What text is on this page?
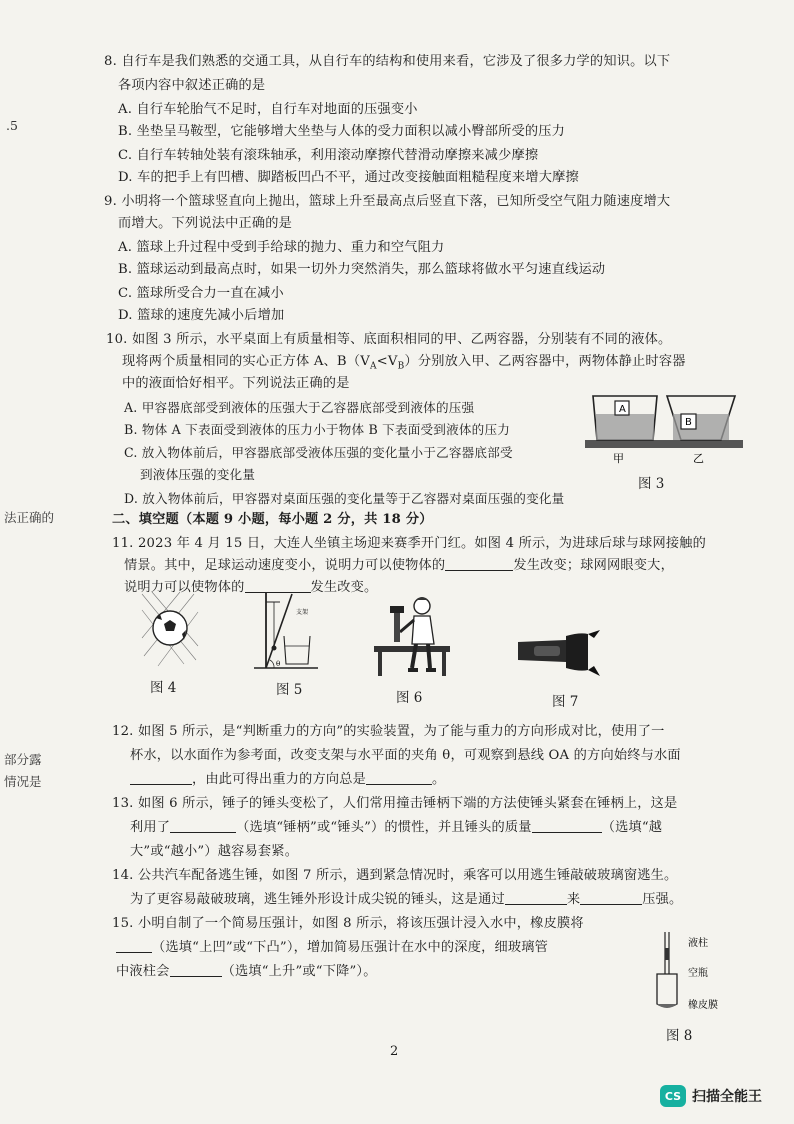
.5
法正确的
部分露
情况是
8. 自行车是我们熟悉的交通工具，从自行车的结构和使用来看，它涉及了很多力学的知识。以下
各项内容中叙述正确的是
A. 自行车轮胎气不足时，自行车对地面的压强变小
B. 坐垫呈马鞍型，它能够增大坐垫与人体的受力面积以减小臀部所受的压力
C. 自行车转轴处装有滚珠轴承，利用滚动摩擦代替滑动摩擦来减少摩擦
D. 车的把手上有凹槽、脚踏板凹凸不平，通过改变接触面粗糙程度来增大摩擦
9. 小明将一个篮球竖直向上抛出，篮球上升至最高点后竖直下落，已知所受空气阻力随速度增大
而增大。下列说法中正确的是
A. 篮球上升过程中受到手给球的抛力、重力和空气阻力
B. 篮球运动到最高点时，如果一切外力突然消失，那么篮球将做水平匀速直线运动
C. 篮球所受合力一直在减小
D. 篮球的速度先减小后增加
10. 如图 3 所示，水平桌面上有质量相等、底面积相同的甲、乙两容器，分别装有不同的液体。
现将两个质量相同的实心正方体 A、$B(V_A<V_B)$分别放入甲、乙两容器中，两物体静止时容器
中的液面恰好相平。下列说法正确的是
A. 甲容器底部受到液体的压强大于乙容器底部受到液体的压强
B. 物体 A 下表面受到液体的压力小于物体 B 下表面受到液体的压力
C. 放入物体前后，甲容器底部受液体压强的变化量小于乙容器底部受
到液体压强的变化量
D. 放入物体前后，甲容器对桌面压强的变化量等于乙容器对桌面压强的变化量
A
B
甲	乙
图 3
二、填空题（本题 9 小题，每小题 2 分，共 18 分）
11. 2023 年 4 月 15 日，大连人坐镇主场迎来赛季开门红。如图 4 所示，为进球后球与球网接触的
情景。其中，足球运动速度变小，说明力可以使物体的	发生改变；球网网眼变大，
说明力可以使物体的	发生改变。
图 4
支架
θ
图 5	图 6	图 7
12. 如图 5 所示，是“判断重力的方向”的实验装置，为了能与重力的方向形成对比，使用了一
杯水，以水面作为参考面，改变支架与水平面的夹角 θ，可观察到悬线 OA 的方向始终与水面
，由此可得出重力的方向总是	。
13. 如图 6 所示，锤子的锤头变松了，人们常用撞击锤柄下端的方法使锤头紧套在锤柄上，这是
利用了	（选填“锤柄”或“锤头”）的惯性，并且锤头的质量	（选填“越
大”或“越小”）越容易套紧。
14. 公共汽车配备逃生锤，如图 7 所示，遇到紧急情况时，乘客可以用逃生锤敲破玻璃窗逃生。
为了更容易敲破玻璃，逃生锤外形设计成尖锐的锤头，这是通过	来	压强。
15. 小明自制了一个简易压强计，如图 8 所示，将该压强计浸入水中，橡皮膜将
（选填“上凹”或“下凸”），增加简易压强计在水中的深度，细玻璃管
中液柱会	（选填“上升”或“下降”）。
液柱
空瓶
橡皮膜
图 8
2
CS 扫描全能王
